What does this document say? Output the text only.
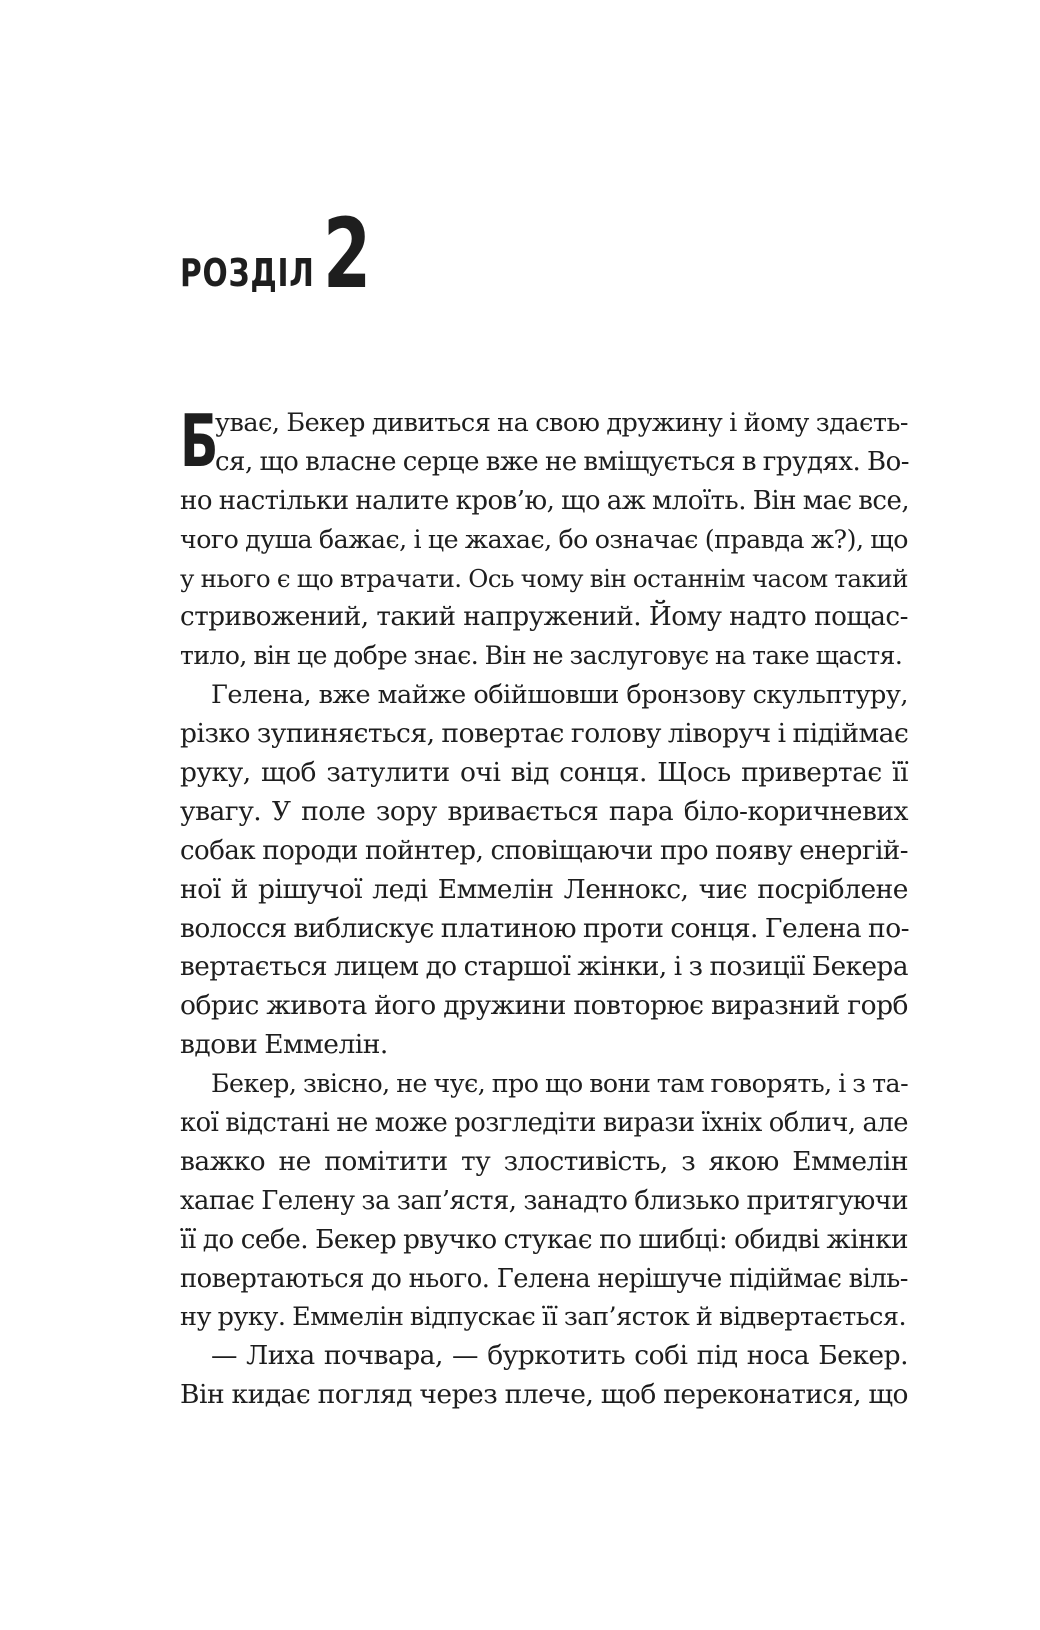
РОЗДІЛ 2
Б
уває, Бекер дивиться на свою дружину і йому здаєть-
ся, що власне серце вже не вміщується в грудях. Во-
но настільки налите кров’ю, що аж млоїть. Він має все,
чого душа бажає, і це жахає, бо означає (правда ж?), що
у нього є що втрачати. Ось чому він останнім часом такий
стривожений, такий напружений. Йому надто пощас-
тило, він це добре знає. Він не заслуговує на таке щастя.
Гелена, вже майже обійшовши бронзову скульптуру,
різко зупиняється, повертає голову ліворуч і підіймає
руку, щоб затулити очі від сонця. Щось привертає її
увагу. У поле зору вривається пара біло-коричневих
собак породи пойнтер, сповіщаючи про появу енергій-
ної й рішучої леді Еммелін Леннокс, чиє посріблене
волосся виблискує платиною проти сонця. Гелена по-
вертається лицем до старшої жінки, і з позиції Бекера
обрис живота його дружини повторює виразний горб
вдови Еммелін.
Бекер, звісно, не чує, про що вони там говорять, і з та-
кої відстані не може розгледіти вирази їхніх облич, але
важко не помітити ту злостивість, з якою Еммелін
хапає Гелену за зап’ястя, занадто близько притягуючи
її до себе. Бекер рвучко стукає по шибці: обидві жінки
повертаються до нього. Гелена нерішуче підіймає віль-
ну руку. Еммелін відпускає її зап’ясток й відвертається.
— Лиха почвара, — буркотить собі під носа Бекер.
Він кидає погляд через плече, щоб переконатися, що
